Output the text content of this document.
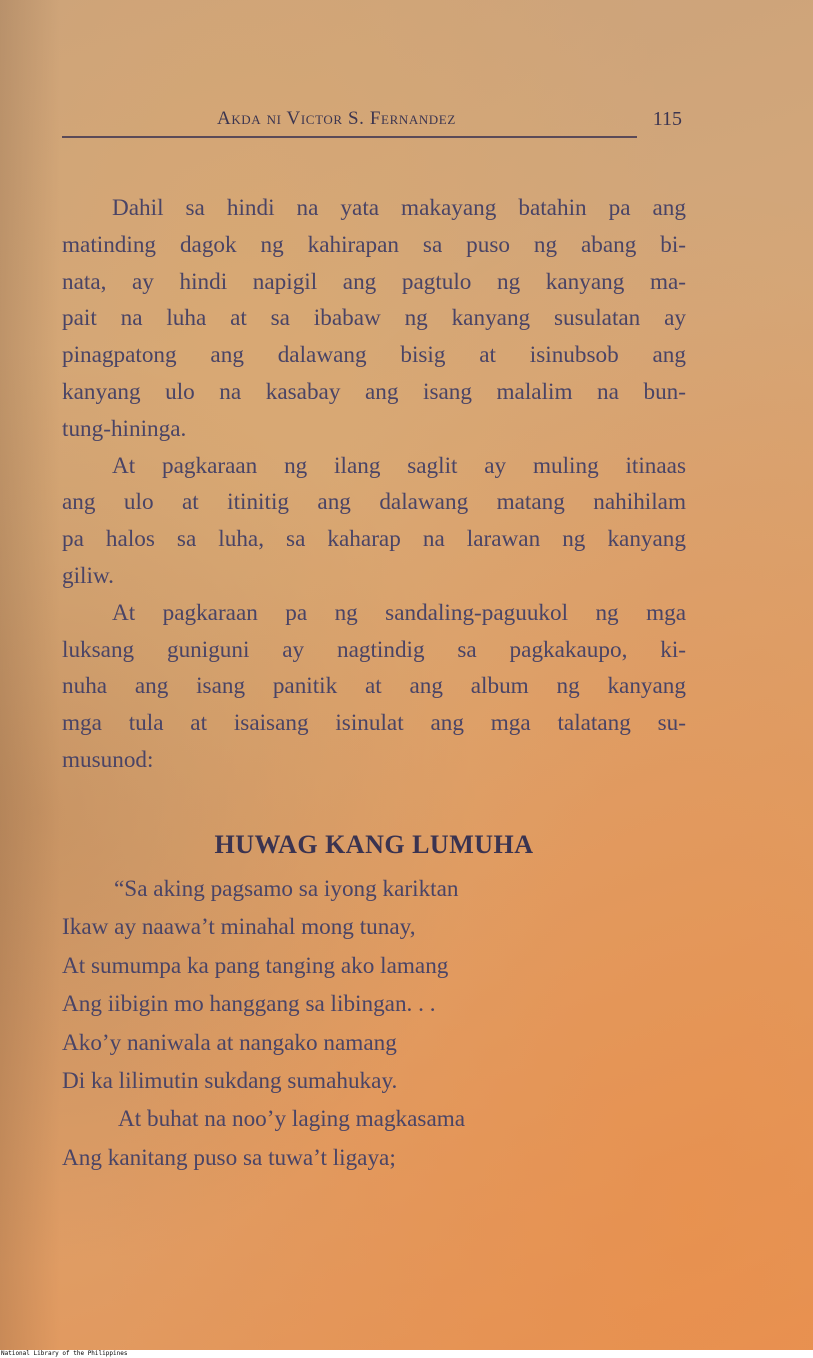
Akda ni Victor S. Fernandez	115

Dahil sa hindi na yata makayang batahin pa ang
matinding dagok ng kahirapan sa puso ng abang bi-
nata, ay hindi napigil ang pagtulo ng kanyang ma-
pait na luha at sa ibabaw ng kanyang susulatan ay
pinagpatong ang dalawang bisig at isinubsob ang
kanyang ulo na kasabay ang isang malalim na bun-
tung-hininga.

At pagkaraan ng ilang saglit ay muling itinaas
ang ulo at itinitig ang dalawang matang nahihilam
pa halos sa luha, sa kaharap na larawan ng kanyang
giliw.

At pagkaraan pa ng sandaling-paguukol ng mga
luksang guniguni ay nagtindig sa pagkakaupo, ki-
nuha ang isang panitik at ang album ng kanyang
mga tula at isaisang isinulat ang mga talatang su-
musunod:

HUWAG KANG LUMUHA
“Sa aking pagsamo sa iyong kariktan
Ikaw ay naawa’t minahal mong tunay,
At sumumpa ka pang tanging ako lamang
Ang iibigin mo hanggang sa libingan. . .
Ako’y naniwala at nangako namang
Di ka lilimutin sukdang sumahukay.
At buhat na noo’y laging magkasama
Ang kanitang puso sa tuwa’t ligaya;
National Library of the Philippines
